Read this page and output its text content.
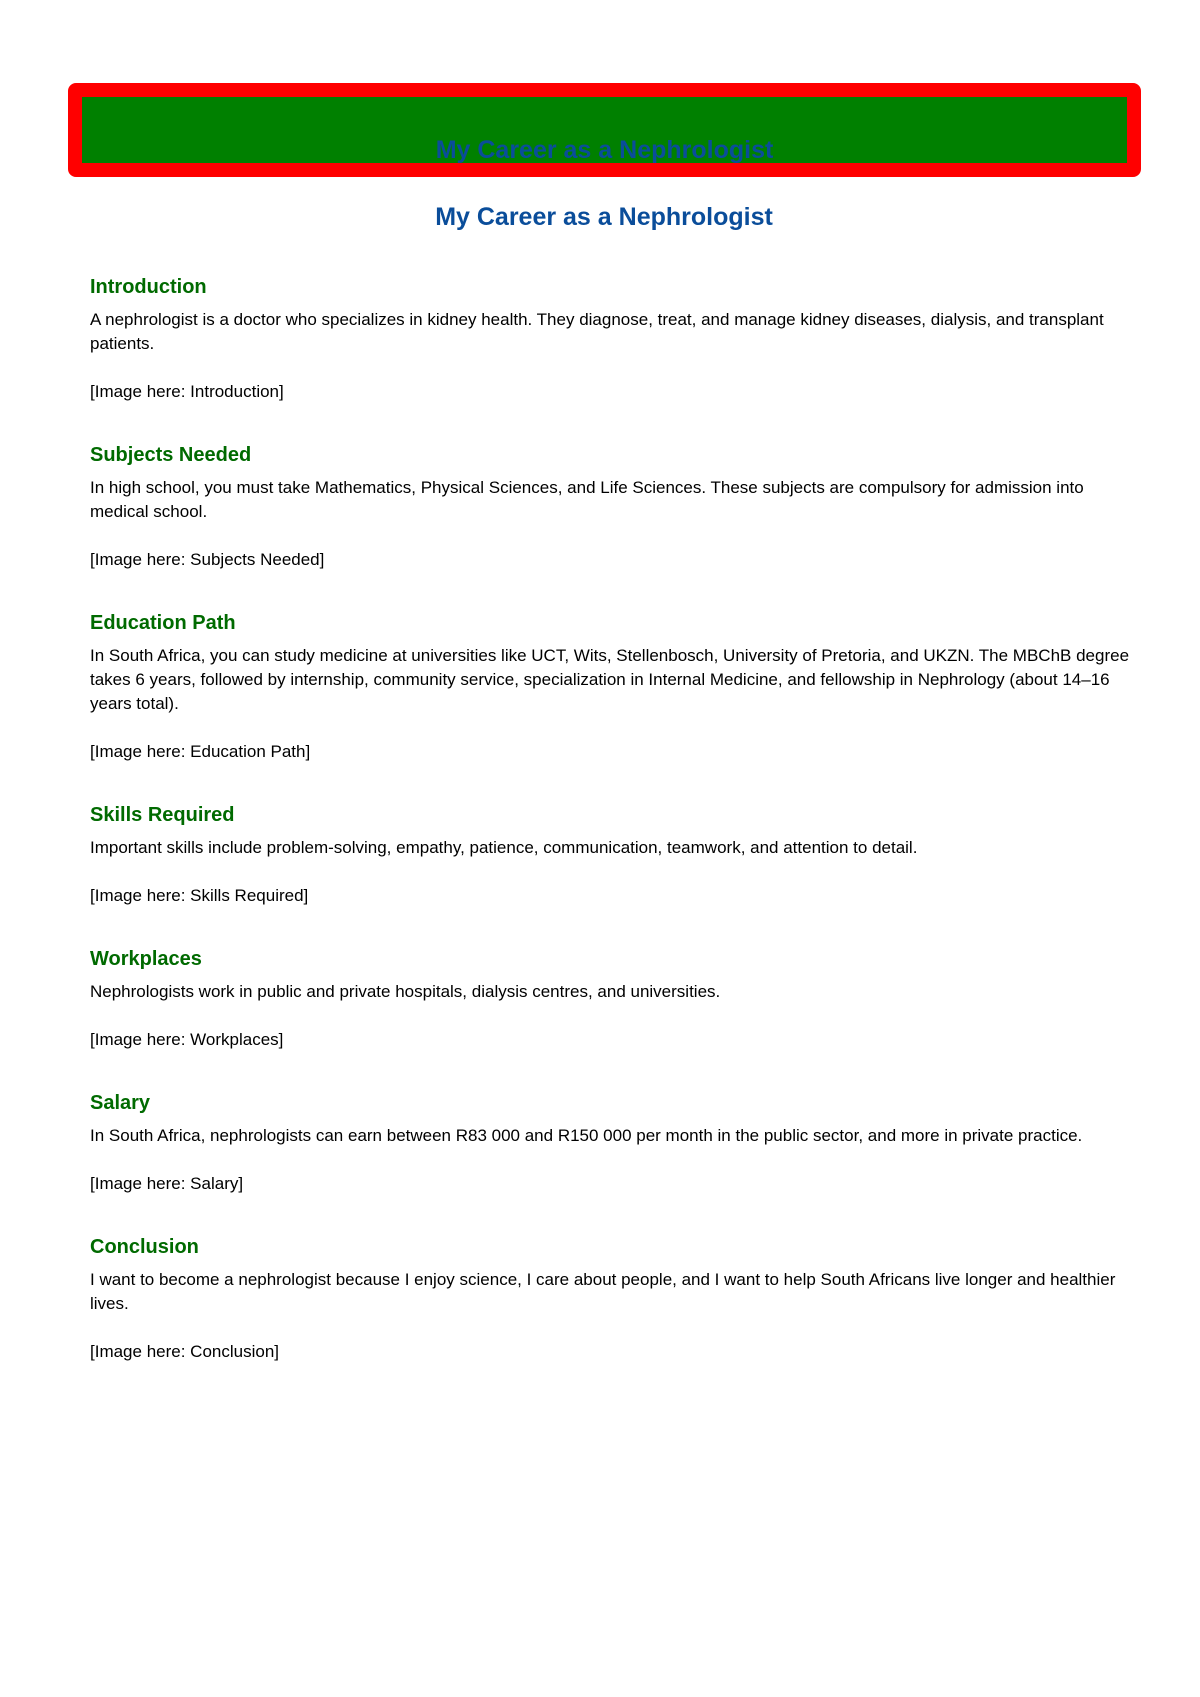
My Career as a Nephrologist
My Career as a Nephrologist
Introduction

A nephrologist is a doctor who specializes in kidney health. They diagnose, treat, and manage kidney diseases, dialysis, and transplant patients.

[Image here: Introduction]

Subjects Needed

In high school, you must take Mathematics, Physical Sciences, and Life Sciences. These subjects are compulsory for admission into medical school.

[Image here: Subjects Needed]

Education Path

In South Africa, you can study medicine at universities like UCT, Wits, Stellenbosch, University of Pretoria, and UKZN. The MBChB degree takes 6 years, followed by internship, community service, specialization in Internal Medicine, and fellowship in Nephrology (about 14–16 years total).

[Image here: Education Path]

Skills Required

Important skills include problem-solving, empathy, patience, communication, teamwork, and attention to detail.

[Image here: Skills Required]

Workplaces

Nephrologists work in public and private hospitals, dialysis centres, and universities.

[Image here: Workplaces]

Salary

In South Africa, nephrologists can earn between R83 000 and R150 000 per month in the public sector, and more in private practice.

[Image here: Salary]

Conclusion

I want to become a nephrologist because I enjoy science, I care about people, and I want to help South Africans live longer and healthier lives.

[Image here: Conclusion]
